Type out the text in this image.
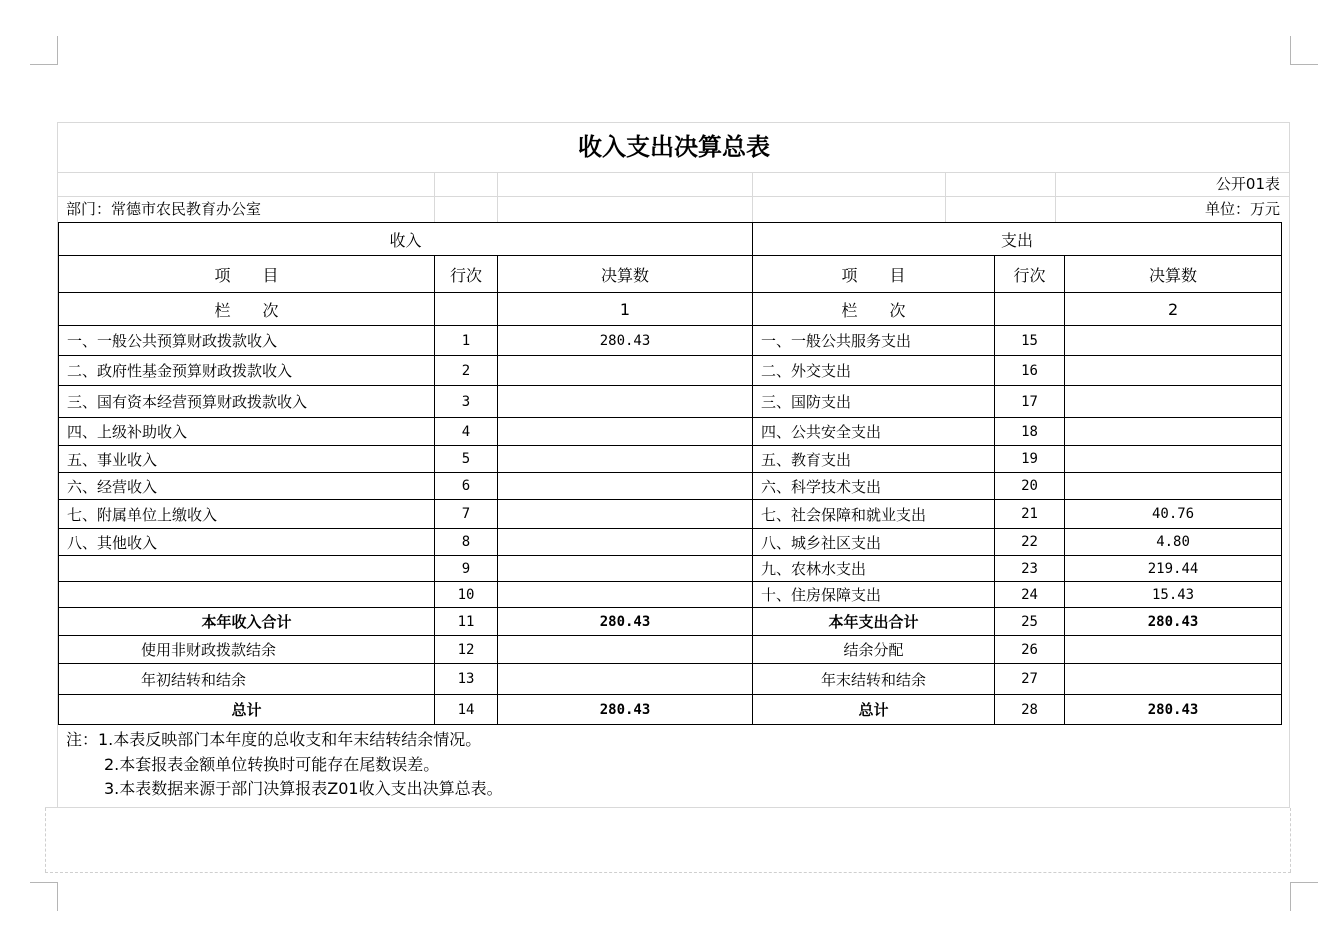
收入支出决算总表
公开01表
部门：常德市农民教育办公室	单位：万元
收入			支出		
项　　目	行次	决算数	项　　目	行次	决算数
栏　　次		1	栏　　次		2
一、一般公共预算财政拨款收入	1	280.43	一、一般公共服务支出	15	
二、政府性基金预算财政拨款收入	2		二、外交支出	16	
三、国有资本经营预算财政拨款收入	3		三、国防支出	17	
四、上级补助收入	4		四、公共安全支出	18	
五、事业收入	5		五、教育支出	19	
六、经营收入	6		六、科学技术支出	20	
七、附属单位上缴收入	7		七、社会保障和就业支出	21	40.76
八、其他收入	8		八、城乡社区支出	22	4.80
	9		九、农林水支出	23	219.44
	10		十、住房保障支出	24	15.43
本年收入合计	11	280.43	本年支出合计	25	280.43
使用非财政拨款结余	12		结余分配	26	
年初结转和结余	13		年末结转和结余	27	
总计	14	280.43	总计	28	280.43
注：1.本表反映部门本年度的总收支和年末结转结余情况。
2.本套报表金额单位转换时可能存在尾数误差。
3.本表数据来源于部门决算报表Z01收入支出决算总表。
